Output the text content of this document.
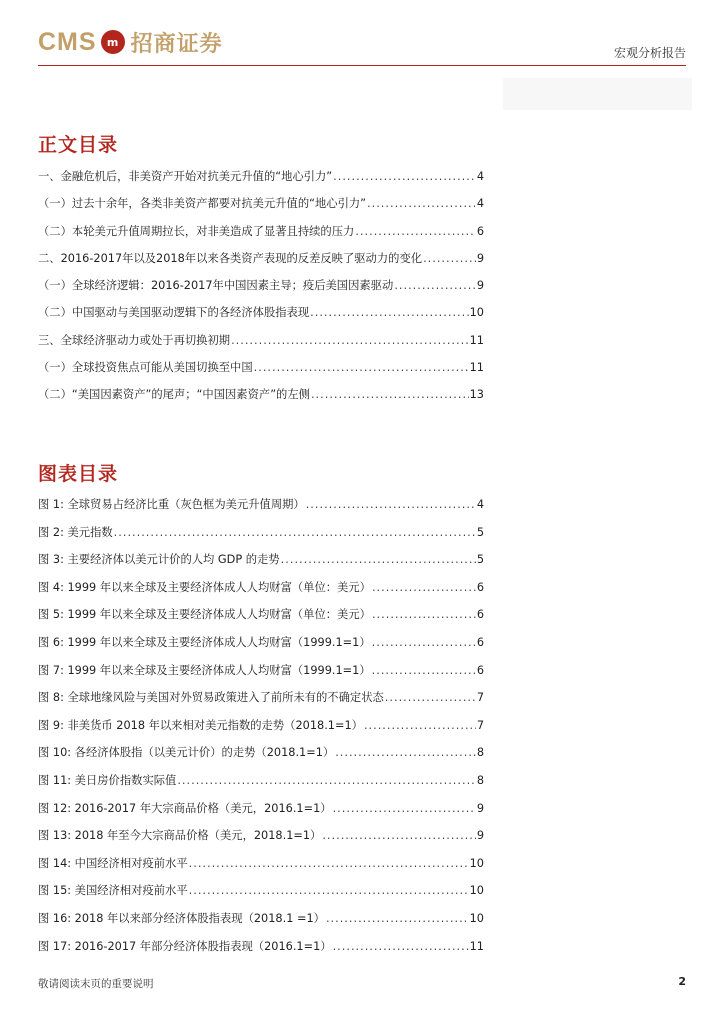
CMS m 招商证券	宏观分析报告
正文目录
一、金融危机后，非美资产开始对抗美元升值的“地心引力” .....	4
（一）过去十余年，各类非美资产都要对抗美元升值的“地心引力” .....	4
（二）本轮美元升值周期拉长，对非美造成了显著且持续的压力 .....	6
二、2016-2017年以及2018年以来各类资产表现的反差反映了驱动力的变化 .....	9
（一）全球经济逻辑：2016-2017年中国因素主导；疫后美国因素驱动 .....	9
（二）中国驱动与美国驱动逻辑下的各经济体股指表现 .....	10
三、全球经济驱动力或处于再切换初期 .....	11
（一）全球投资焦点可能从美国切换至中国 .....	11
（二）“美国因素资产”的尾声；“中国因素资产”的左侧 .....	13
图表目录
图 1: 全球贸易占经济比重（灰色框为美元升值周期） .....	4
图 2: 美元指数 .....	5
图 3: 主要经济体以美元计价的人均 GDP 的走势 .....	5
图 4: 1999 年以来全球及主要经济体成人人均财富（单位：美元） .....	6
图 5: 1999 年以来全球及主要经济体成人人均财富（单位：美元） .....	6
图 6: 1999 年以来全球及主要经济体成人人均财富（1999.1=1） .....	6
图 7: 1999 年以来全球及主要经济体成人人均财富（1999.1=1） .....	6
图 8: 全球地缘风险与美国对外贸易政策进入了前所未有的不确定状态 .....	7
图 9: 非美货币 2018 年以来相对美元指数的走势（2018.1=1） .....	7
图 10: 各经济体股指（以美元计价）的走势（2018.1=1） .....	8
图 11: 美日房价指数实际值 .....	8
图 12: 2016-2017 年大宗商品价格（美元，2016.1=1） .....	9
图 13: 2018 年至今大宗商品价格（美元，2018.1=1） .....	9
图 14: 中国经济相对疫前水平 .....	10
图 15: 美国经济相对疫前水平 .....	10
图 16: 2018 年以来部分经济体股指表现（2018.1 =1） .....	10
图 17: 2016-2017 年部分经济体股指表现（2016.1=1） .....	11
敬请阅读末页的重要说明	2
